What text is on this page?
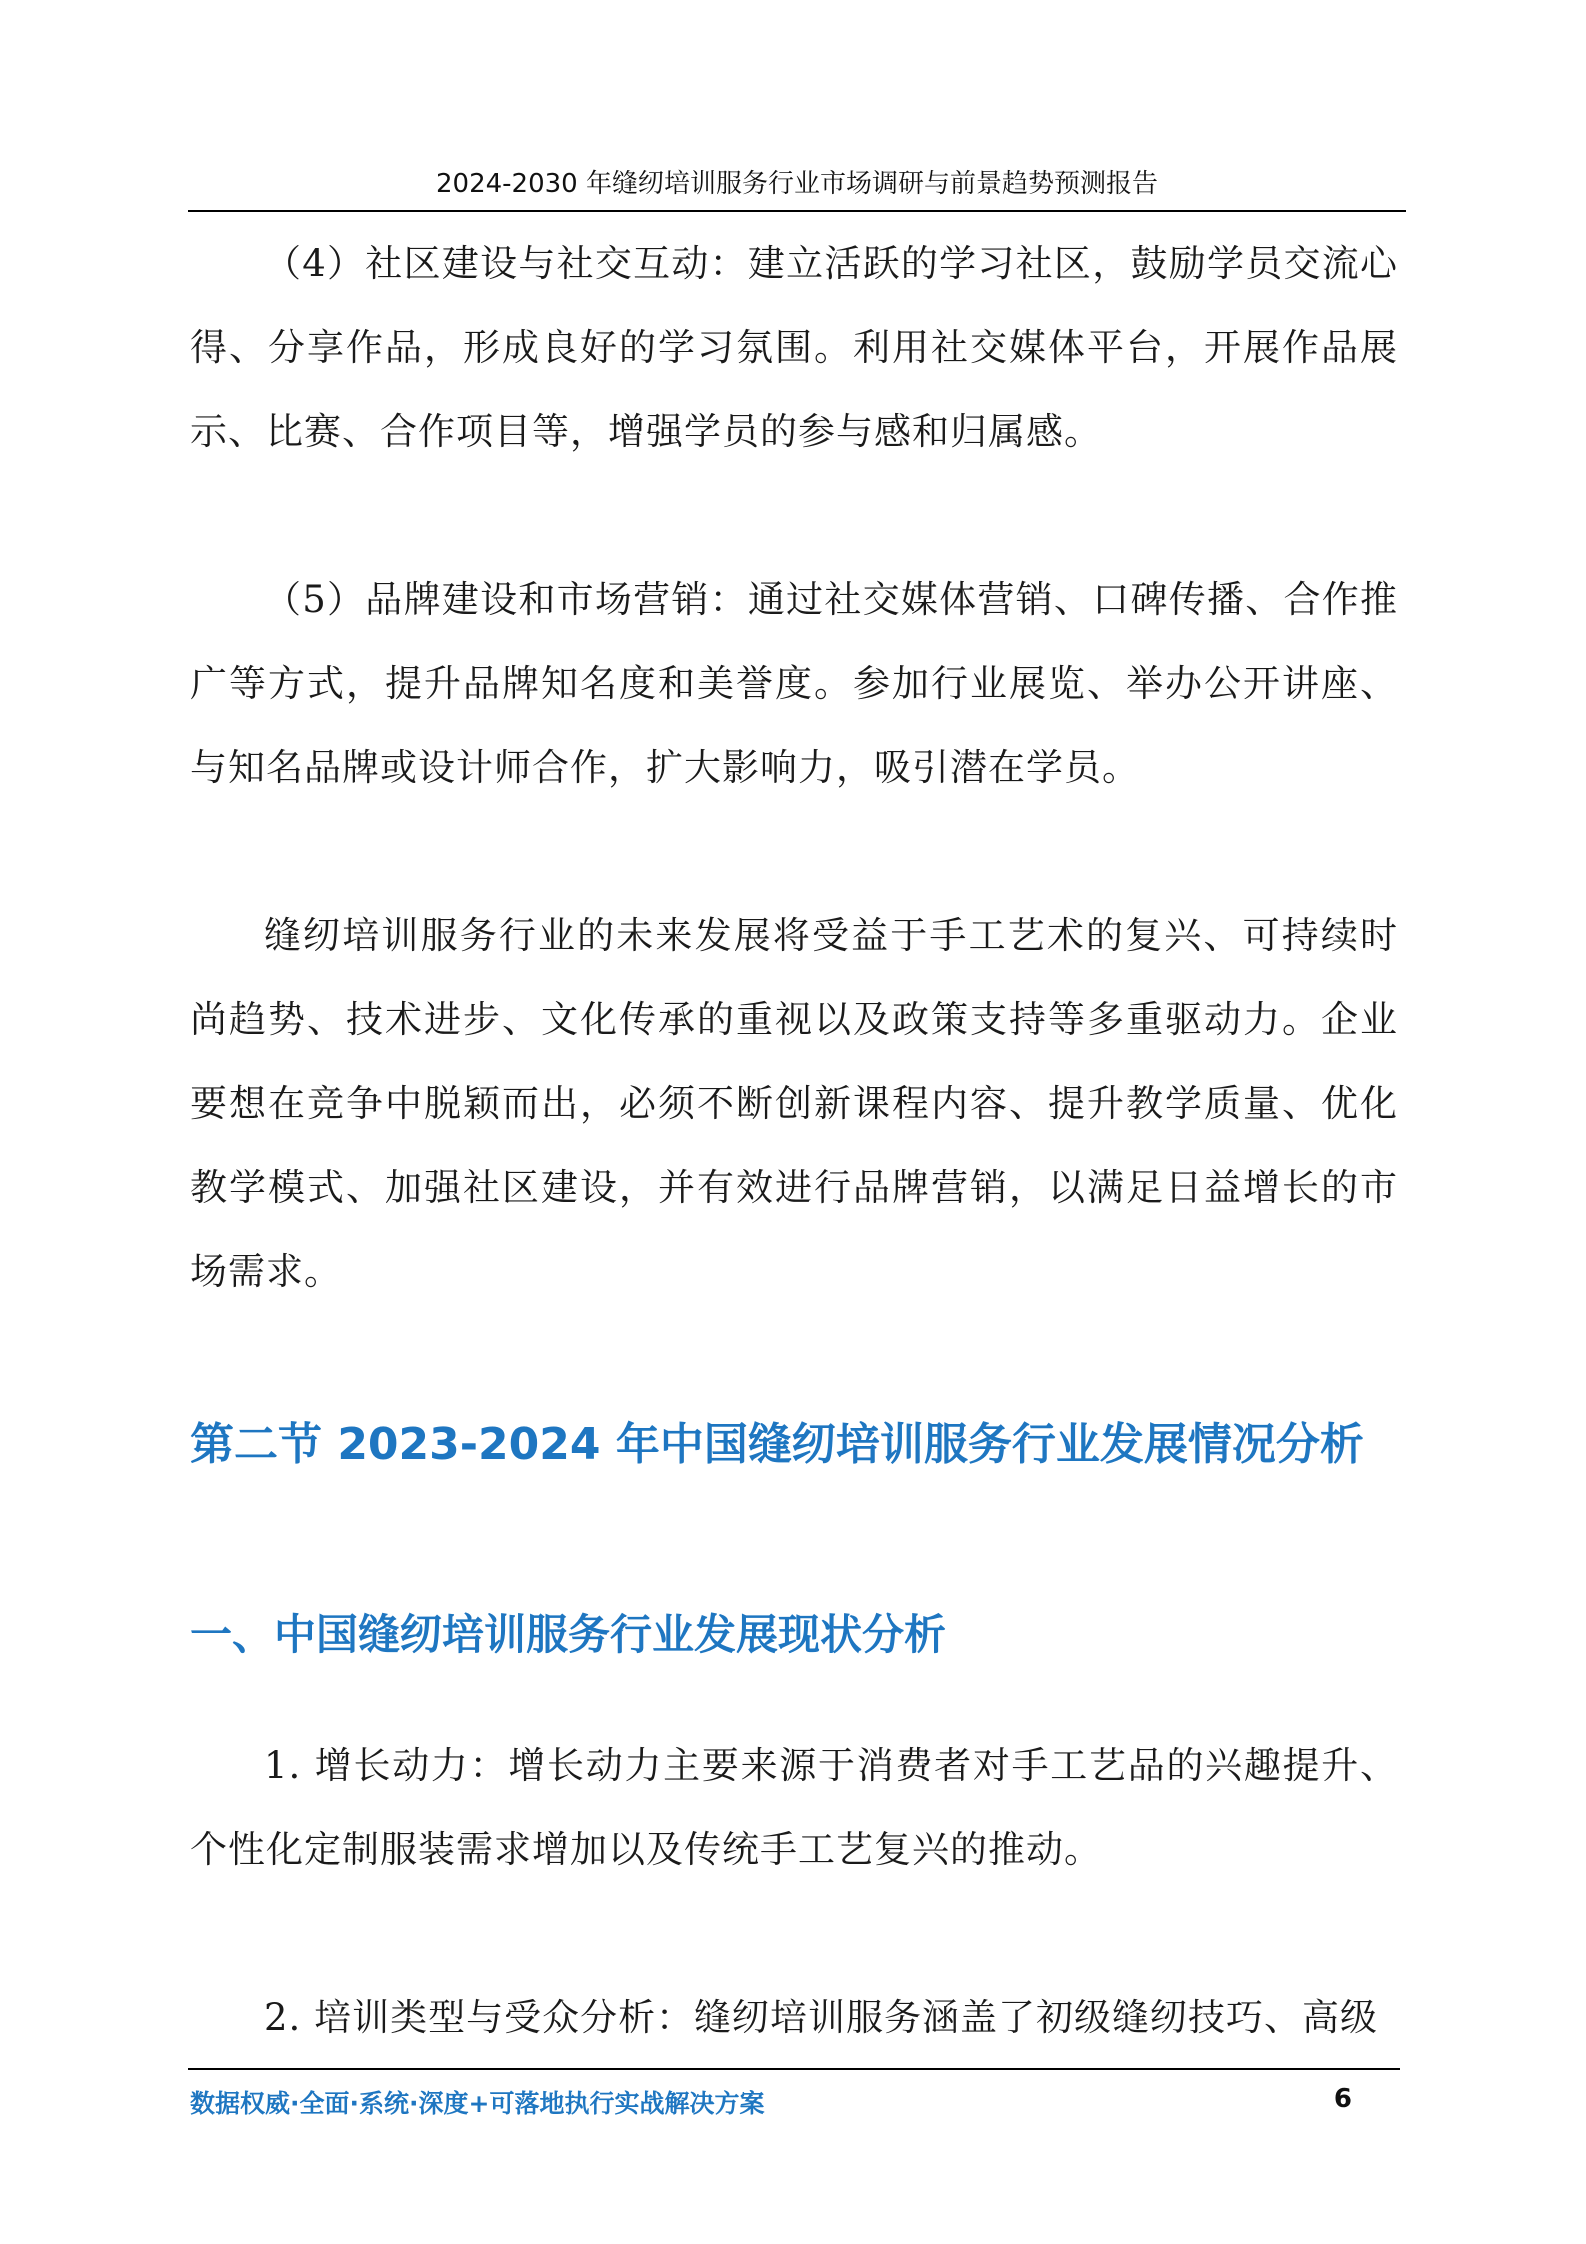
2024-2030 年缝纫培训服务行业市场调研与前景趋势预测报告

（4）社区建设与社交互动：建立活跃的学习社区，鼓励学员交流心得、分享作品，形成良好的学习氛围。利用社交媒体平台，开展作品展示、比赛、合作项目等，增强学员的参与感和归属感。

（5）品牌建设和市场营销：通过社交媒体营销、口碑传播、合作推广等方式，提升品牌知名度和美誉度。参加行业展览、举办公开讲座、与知名品牌或设计师合作，扩大影响力，吸引潜在学员。

缝纫培训服务行业的未来发展将受益于手工艺术的复兴、可持续时尚趋势、技术进步、文化传承的重视以及政策支持等多重驱动力。企业要想在竞争中脱颖而出，必须不断创新课程内容、提升教学质量、优化教学模式、加强社区建设，并有效进行品牌营销，以满足日益增长的市场需求。

第二节 2023-2024 年中国缝纫培训服务行业发展情况分析
一、中国缝纫培训服务行业发展现状分析

1. 增长动力：增长动力主要来源于消费者对手工艺品的兴趣提升、个性化定制服装需求增加以及传统手工艺复兴的推动。

2. 培训类型与受众分析：缝纫培训服务涵盖了初级缝纫技巧、高级

数据权威·全面·系统·深度+可落地执行实战解决方案	6
